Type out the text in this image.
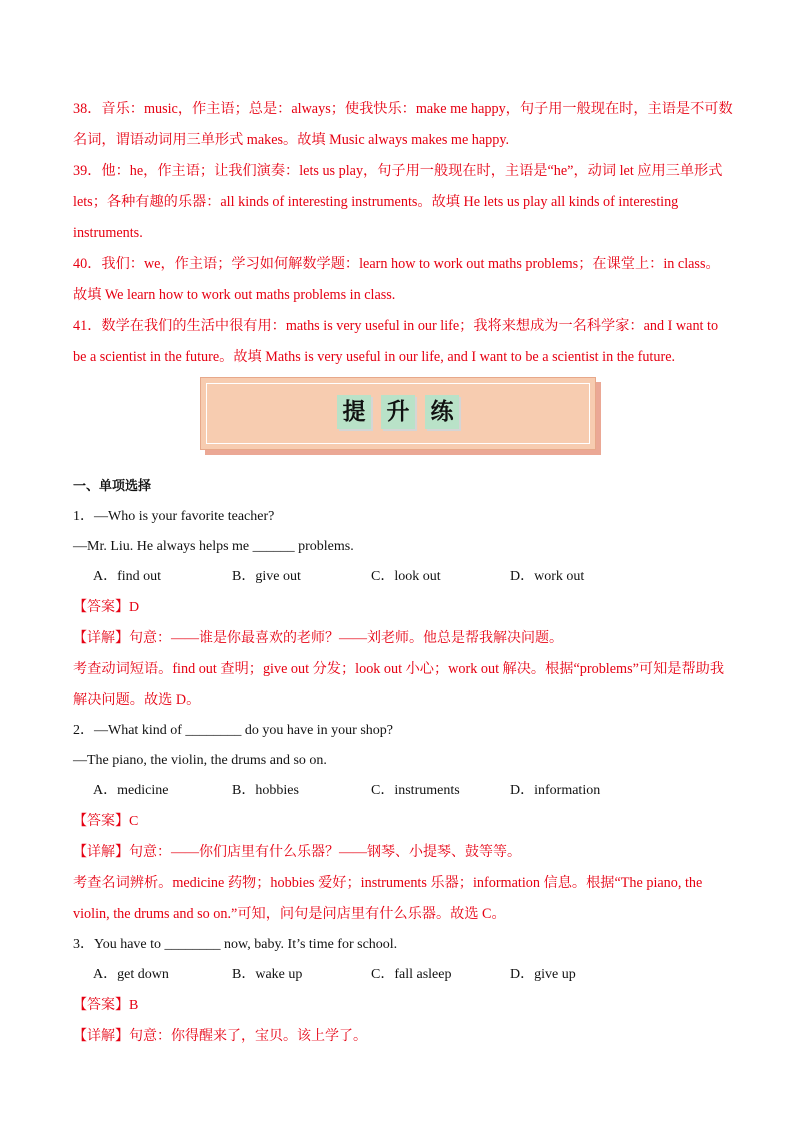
38．音乐：music，作主语；总是：always；使我快乐：make me happy，句子用一般现在时，主语是不可数名词，谓语动词用三单形式 makes。故填 Music always makes me happy.

39．他：he，作主语；让我们演奏：lets us play，句子用一般现在时，主语是“he”，动词 let 应用三单形式 lets；各种有趣的乐器：all kinds of interesting instruments。故填 He lets us play all kinds of interesting instruments.

40．我们：we，作主语；学习如何解数学题：learn how to work out maths problems；在课堂上：in class。故填 We learn how to work out maths problems in class.

41．数学在我们的生活中很有用：maths is very useful in our life；我将来想成为一名科学家：and I want to be a scientist in the future。故填 Maths is very useful in our life, and I want to be a scientist in the future.

提 升 练
一、单项选择

1．—Who is your favorite teacher?

—Mr. Liu. He always helps me ______ problems.

A．find out	B．give out	C．look out	D．work out
【答案】D
【详解】句意：——谁是你最喜欢的老师？——刘老师。他总是帮我解决问题。

考查动词短语。find out 查明；give out 分发；look out 小心；work out 解决。根据“problems”可知是帮助我解决问题。故选 D。

2．—What kind of ________ do you have in your shop?

—The piano, the violin, the drums and so on.

A．medicine	B．hobbies	C．instruments	D．information
【答案】C
【详解】句意：——你们店里有什么乐器？——钢琴、小提琴、鼓等等。

考查名词辨析。medicine 药物；hobbies 爱好；instruments 乐器；information 信息。根据“The piano, the violin, the drums and so on.”可知，问句是问店里有什么乐器。故选 C。

3．You have to ________ now, baby. It’s time for school.

A．get down	B．wake up	C．fall asleep	D．give up
【答案】B
【详解】句意：你得醒来了，宝贝。该上学了。
